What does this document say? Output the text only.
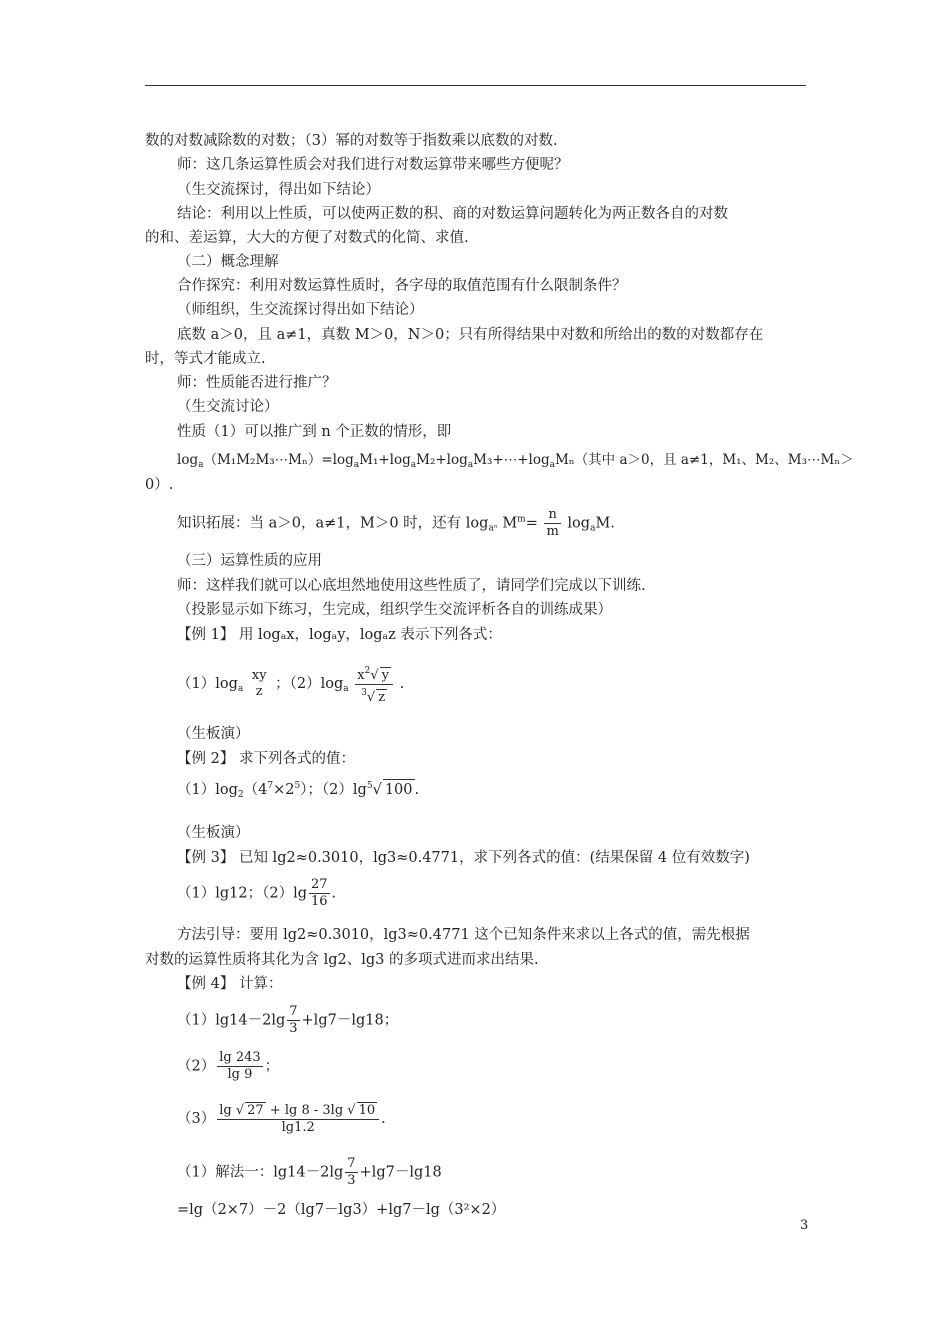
数的对数减除数的对数；（3）幂的对数等于指数乘以底数的对数.
师：这几条运算性质会对我们进行对数运算带来哪些方便呢？
（生交流探讨，得出如下结论）
结论：利用以上性质，可以使两正数的积、商的对数运算问题转化为两正数各自的对数
的和、差运算，大大的方便了对数式的化简、求值.
（二）概念理解
合作探究：利用对数运算性质时，各字母的取值范围有什么限制条件？
（师组织，生交流探讨得出如下结论）
底数 a＞0，且 a≠1，真数 M＞0，N＞0；只有所得结果中对数和所给出的数的对数都存在
时，等式才能成立.
师：性质能否进行推广？
（生交流讨论）
性质（1）可以推广到 n 个正数的情形，即
$\log_a(M_1M_2M_3\cdots M_n)=\log_aM_1+\log_aM_2+\log_aM_3+\cdots+\log_aM_n$（其中 a＞0，且 a≠1，M₁、M₂、M₃⋯Mₙ＞
0）.
知识拓展：当 a＞0，a≠1，M＞0 时，还有 $\log_{a^n} M^m= \frac{n}{m} \log_aM$.
（三）运算性质的应用
师：这样我们就可以心底坦然地使用这些性质了，请同学们完成以下训练.
（投影显示如下练习，生完成，组织学生交流评析各自的训练成果）
【例 1】 用 logₐx，logₐy，logₐz 表示下列各式：
$(1)\log_a$
xy
z ；$(2)\log_a \frac{x^2√ y}{^3√ z}$ .
（生板演）
【例 2】 求下列各式的值：
$(1)\log_2(4^7\times 2^5)$；$(2)\lg^5√$ 100 .
（生板演）
【例 3】 已知 lg2≈0.3010，lg3≈0.4771，求下列各式的值：(结果保留 4 位有效数字)
（1）lg12；$(2)\lg \frac{27}{16}$ .
方法引导：要用 lg2≈0.3010，lg3≈0.4771 这个已知条件来求以上各式的值，需先根据
对数的运算性质将其化为含 lg2、lg3 的多项式进而求出结果.
【例 4】 计算：
$(1)\lg 14-2\lg \frac{7}{3} +\lg 7-\lg 18$；
$(2) \frac{\lg 243}{\lg 9}$ ；
$(3) \frac{\lg √ 27 + \lg 8 - 3\lg √ 10}{\lg 1.2}$ .
（1）解法一：$\lg 14-2\lg \frac{7}{3} +\lg 7-\lg 18$
=lg（2×7）－2（lg7－lg3）+lg7－lg（3²×2）
3
